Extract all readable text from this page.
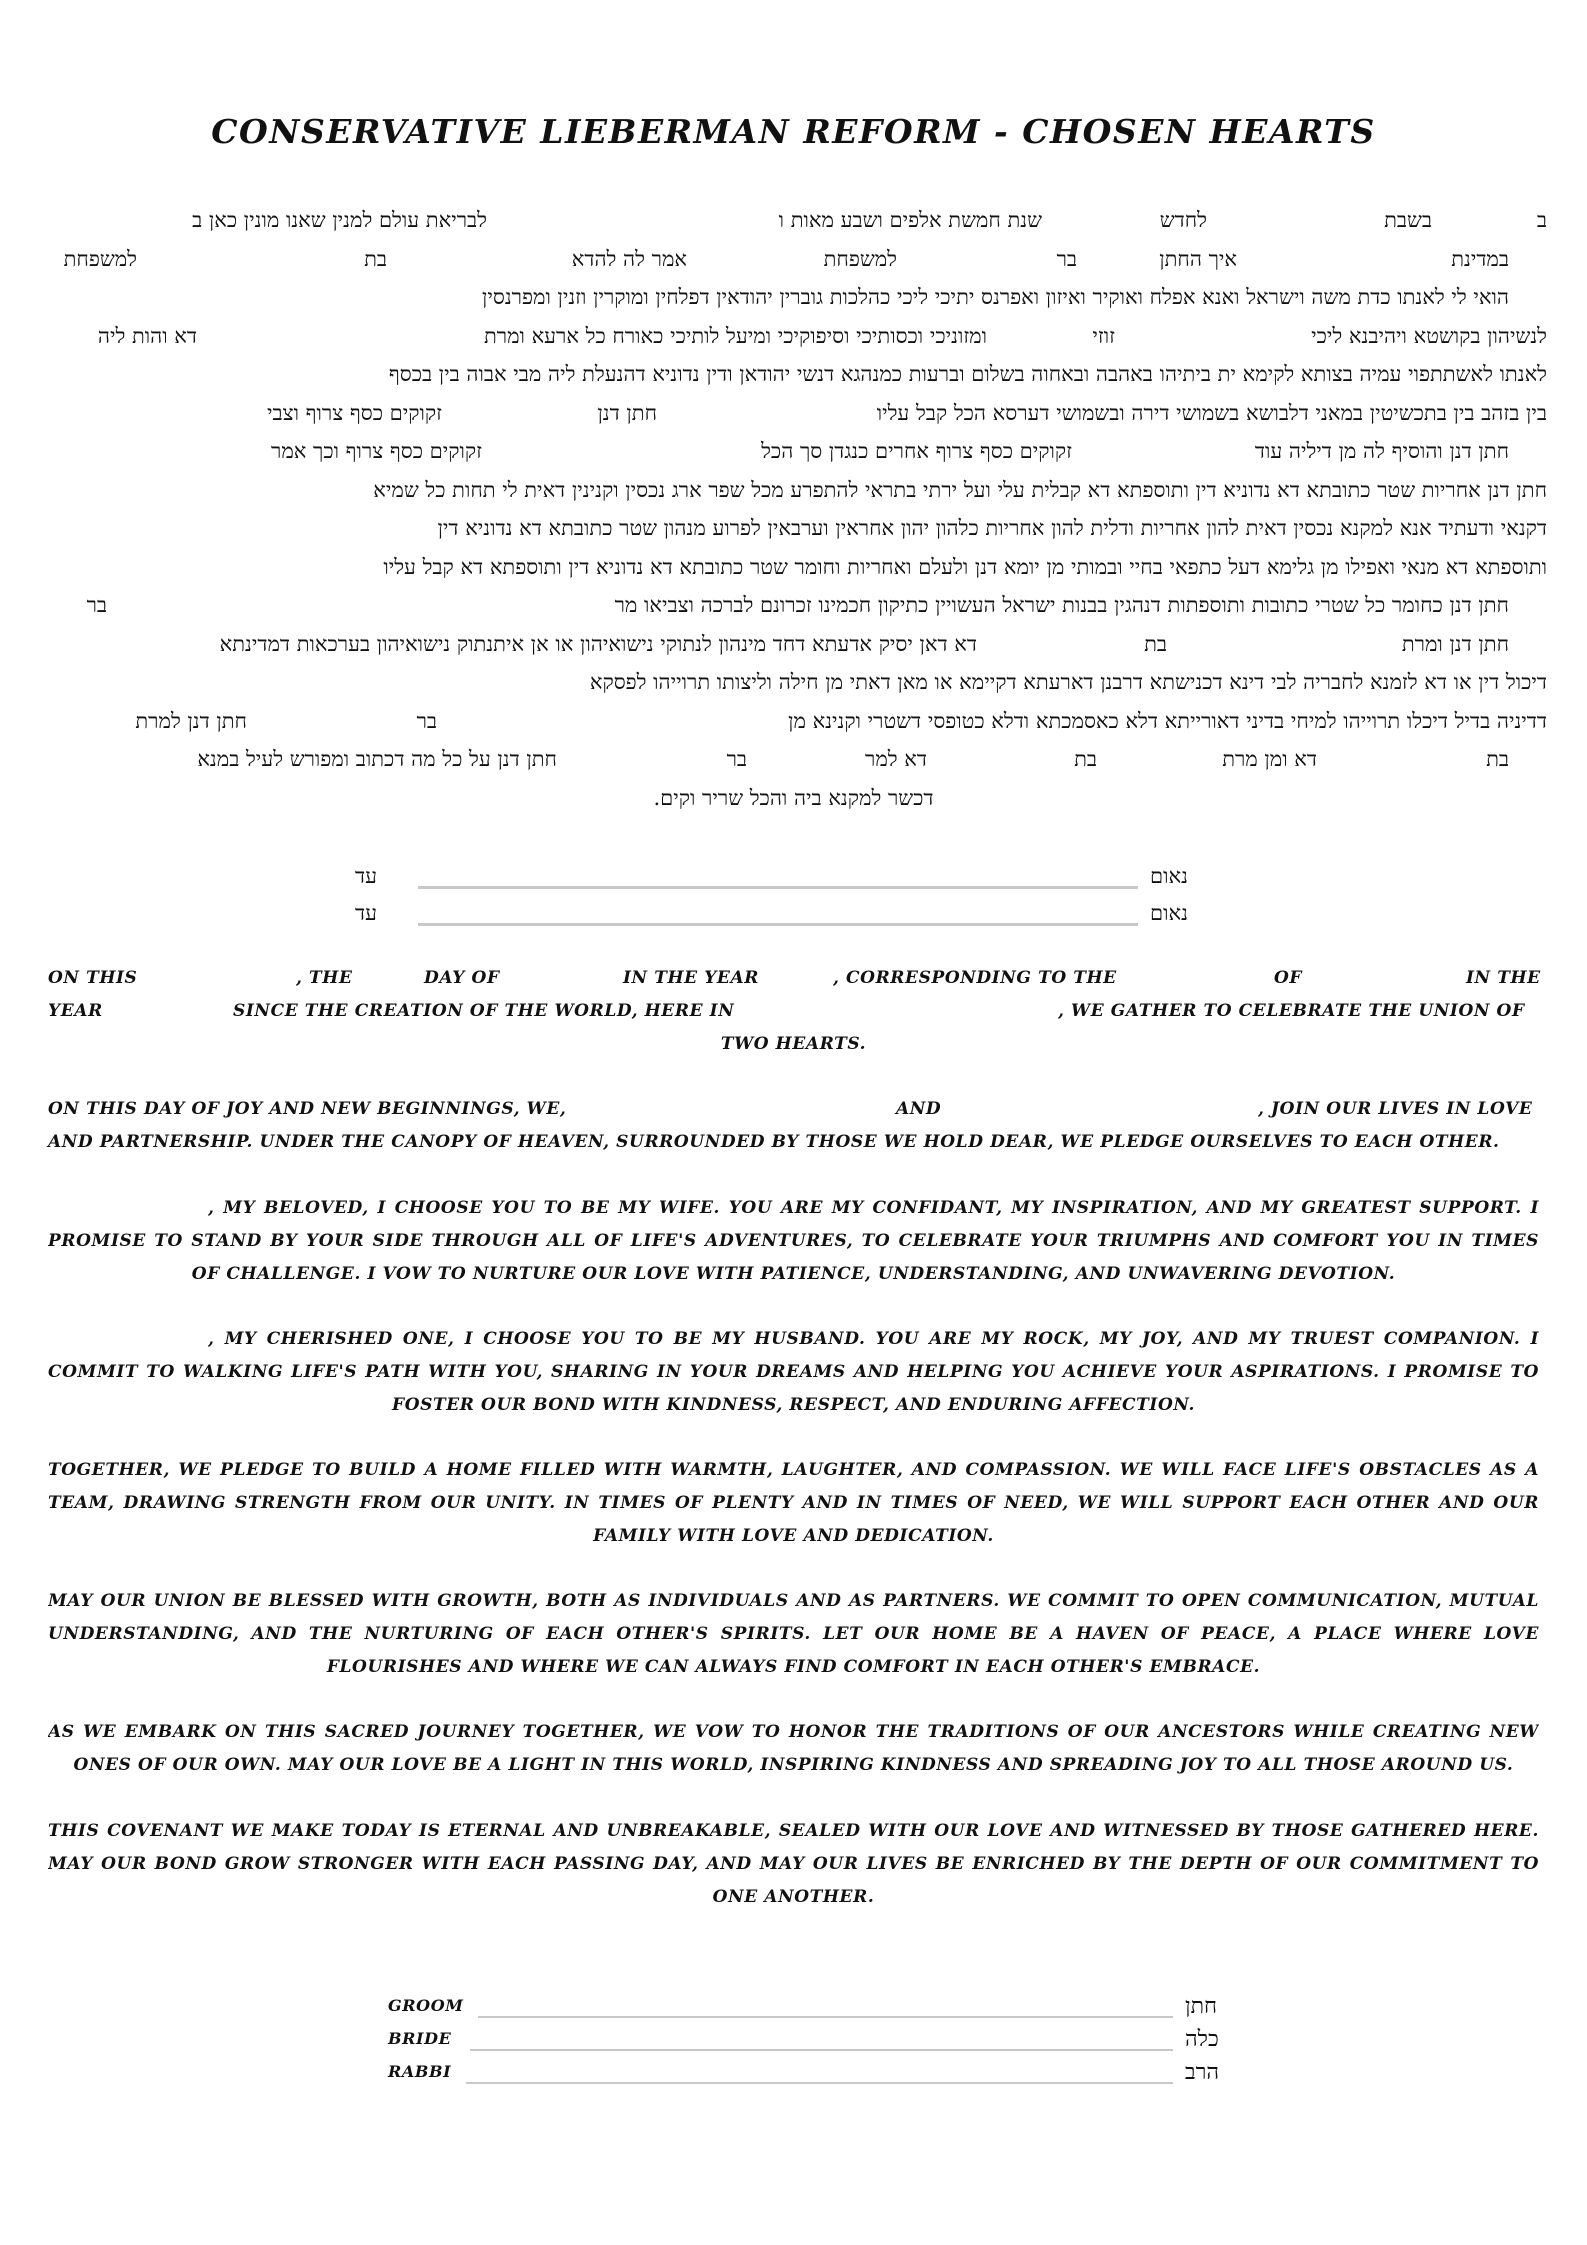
CONSERVATIVE LIEBERMAN REFORM - CHOSEN HEARTS
ב
בשבת
לחדש
שנת חמשת אלפים ושבע מאות ו
לבריאת עולם למנין שאנו מונין כאן ב
במדינת
איך החתן
בר
למשפחת
אמר לה להדא
בת
למשפחת
הואי לי לאנתו כדת משה וישראל ואנא אפלח ואוקיר ואיזון ואפרנס יתיכי ליכי כהלכות גוברין יהודאין דפלחין ומוקרין וזנין ומפרנסין
לנשיהון בקושטא ויהיבנא ליכי
זוזי
ומזוניכי וכסותיכי וסיפוקיכי ומיעל לותיכי כאורח כל ארעא ומרת
דא והות ליה
לאנתו לאשתתפוי עמיה בצותא לקימא ית ביתיהו באהבה ובאחוה בשלום וברעות כמנהגא דנשי יהודאן ודין נדוניא דהנעלת ליה מבי אבוה בין בכסף
בין בזהב בין בתכשיטין במאני דלבושא בשמושי דירה ובשמושי דערסא הכל קבל עליו
חתן דנן
זקוקים כסף צרוף וצבי
חתן דנן והוסיף לה מן דיליה עוד
זקוקים כסף צרוף אחרים כנגדן סך הכל
זקוקים כסף צרוף וכך אמר
חתן דנן אחריות שטר כתובתא דא נדוניא דין ותוספתא דא קבלית עלי ועל ירתי בתראי להתפרע מכל שפר ארג נכסין וקנינין דאית לי תחות כל שמיא
דקנאי ודעתיד אנא למקנא נכסין דאית להון אחריות ודלית להון אחריות כלהון יהון אחראין וערבאין לפרוע מנהון שטר כתובתא דא נדוניא דין
ותוספתא דא מנאי ואפילו מן גלימא דעל כתפאי בחיי ובמותי מן יומא דנן ולעלם ואחריות וחומר שטר כתובתא דא נדוניא דין ותוספתא דא קבל עליו
חתן דנן כחומר כל שטרי כתובות ותוספתות דנהגין בבנות ישראל העשויין כתיקון חכמינו זכרונם לברכה וצביאו מר
בר
חתן דנן ומרת
בת
דא דאן יסיק אדעתא דחד מינהון לנתוקי נישואיהון או אן איתנתוק נישואיהון בערכאות דמדינתא
דיכול דין או דא לזמנא לחבריה לבי דינא דכנישתא דרבנן דארעתא דקיימא או מאן דאתי מן חילה וליצותו תרוייהו לפסקא
דדיניה בדיל דיכלו תרוייהו למיחי בדיני דאורייתא דלא כאסמכתא ודלא כטופסי דשטרי וקנינא מן
בר
חתן דנן למרת
בת
דא ומן מרת
בת
דא למר
בר
חתן דנן על כל מה דכתוב ומפורש לעיל במנא
דכשר למקנא ביה והכל שריר וקים.
נאום
עד
נאום
עד
ON THIS	, THE	DAY OF	IN THE YEAR	, CORRESPONDING TO THE	OF	IN THE
YEAR	SINCE THE CREATION OF THE WORLD, HERE IN	, WE GATHER TO CELEBRATE THE UNION OF
TWO HEARTS.
ON THIS DAY OF JOY AND NEW BEGINNINGS, WE,	AND	, JOIN OUR LIVES IN LOVE
AND PARTNERSHIP. UNDER THE CANOPY OF HEAVEN, SURROUNDED BY THOSE WE HOLD DEAR, WE PLEDGE OURSELVES TO EACH OTHER.
, MY BELOVED, I CHOOSE YOU TO BE MY WIFE. YOU ARE MY CONFIDANT, MY INSPIRATION, AND MY GREATEST SUPPORT. I
PROMISE TO STAND BY YOUR SIDE THROUGH ALL OF LIFE'S ADVENTURES, TO CELEBRATE YOUR TRIUMPHS AND COMFORT YOU IN TIMES
OF CHALLENGE. I VOW TO NURTURE OUR LOVE WITH PATIENCE, UNDERSTANDING, AND UNWAVERING DEVOTION.
, MY CHERISHED ONE, I CHOOSE YOU TO BE MY HUSBAND. YOU ARE MY ROCK, MY JOY, AND MY TRUEST COMPANION. I
COMMIT TO WALKING LIFE'S PATH WITH YOU, SHARING IN YOUR DREAMS AND HELPING YOU ACHIEVE YOUR ASPIRATIONS. I PROMISE TO
FOSTER OUR BOND WITH KINDNESS, RESPECT, AND ENDURING AFFECTION.
TOGETHER, WE PLEDGE TO BUILD A HOME FILLED WITH WARMTH, LAUGHTER, AND COMPASSION. WE WILL FACE LIFE'S OBSTACLES AS A
TEAM, DRAWING STRENGTH FROM OUR UNITY. IN TIMES OF PLENTY AND IN TIMES OF NEED, WE WILL SUPPORT EACH OTHER AND OUR
FAMILY WITH LOVE AND DEDICATION.
MAY OUR UNION BE BLESSED WITH GROWTH, BOTH AS INDIVIDUALS AND AS PARTNERS. WE COMMIT TO OPEN COMMUNICATION, MUTUAL
UNDERSTANDING, AND THE NURTURING OF EACH OTHER'S SPIRITS. LET OUR HOME BE A HAVEN OF PEACE, A PLACE WHERE LOVE
FLOURISHES AND WHERE WE CAN ALWAYS FIND COMFORT IN EACH OTHER'S EMBRACE.
AS WE EMBARK ON THIS SACRED JOURNEY TOGETHER, WE VOW TO HONOR THE TRADITIONS OF OUR ANCESTORS WHILE CREATING NEW
ONES OF OUR OWN. MAY OUR LOVE BE A LIGHT IN THIS WORLD, INSPIRING KINDNESS AND SPREADING JOY TO ALL THOSE AROUND US.
THIS COVENANT WE MAKE TODAY IS ETERNAL AND UNBREAKABLE, SEALED WITH OUR LOVE AND WITNESSED BY THOSE GATHERED HERE.
MAY OUR BOND GROW STRONGER WITH EACH PASSING DAY, AND MAY OUR LIVES BE ENRICHED BY THE DEPTH OF OUR COMMITMENT TO
ONE ANOTHER.
GROOM	חתן
BRIDE	כלה
RABBI	הרב
